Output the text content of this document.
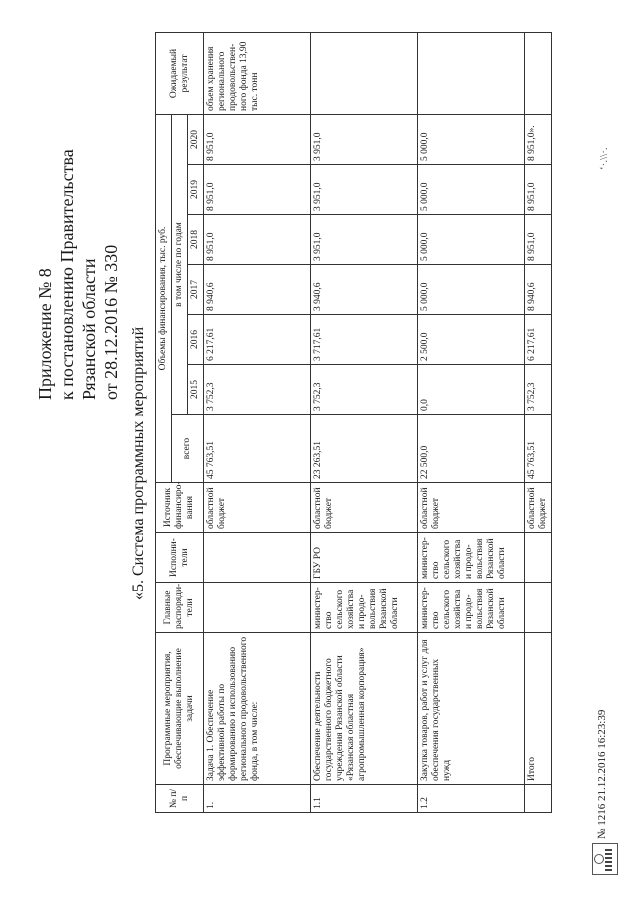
Приложение № 8 к постановлению Правительства Рязанской области от 28.12.2016 № 330
«5. Система программных мероприятий
№ п/п	Программные мероприятия, обеспечивающие выполнение задачи	Главные распоряди-тели	Исполни-тели	Источник финансиро-вания	Объемы финансирования, тыс. руб.							Ожидаемый результат
					всего	в том числе по годам						
						2015	2016	2017	2018	2019	2020	
1.	Задача 1. Обеспечение эффективной работы по формированию и использованию регионального продовольственного фонда, в том числе:			областной бюджет	45 763,51	3 752,3	6 217,61	8 940,6	8 951,0	8 951,0	8 951,0	объем хранения регионального продовольствен-ного фонда 13,90 тыс. тонн
1.1	Обеспечение деятельности государственного бюджетного учреждения Рязанской области «Рязанская областная агропромышленная корпорация»	министер-ство сельского хозяйства и продо-вольствия Рязанской области	ГБУ РО	областной бюджет	23 263,51	3 752,3	3 717,61	3 940,6	3 951,0	3 951,0	3 951,0	
1.2	Закупка товаров, работ и услуг для обеспечения государственных нужд	министер-ство сельского хозяйства и продо-вольствия Рязанской области	министер-ство сельского хозяйства и продо-вольствия Рязанской области	областной бюджет	22 500,0	0,0	2 500,0	5 000,0	5 000,0	5 000,0	5 000,0	
	Итого			областной бюджет	45 763,51	3 752,3	6 217,61	8 940,6	8 951,0	8 951,0	8 951,0».	
№ 1216 21.12.2016 16:23:39
ʻ·.\\·.
